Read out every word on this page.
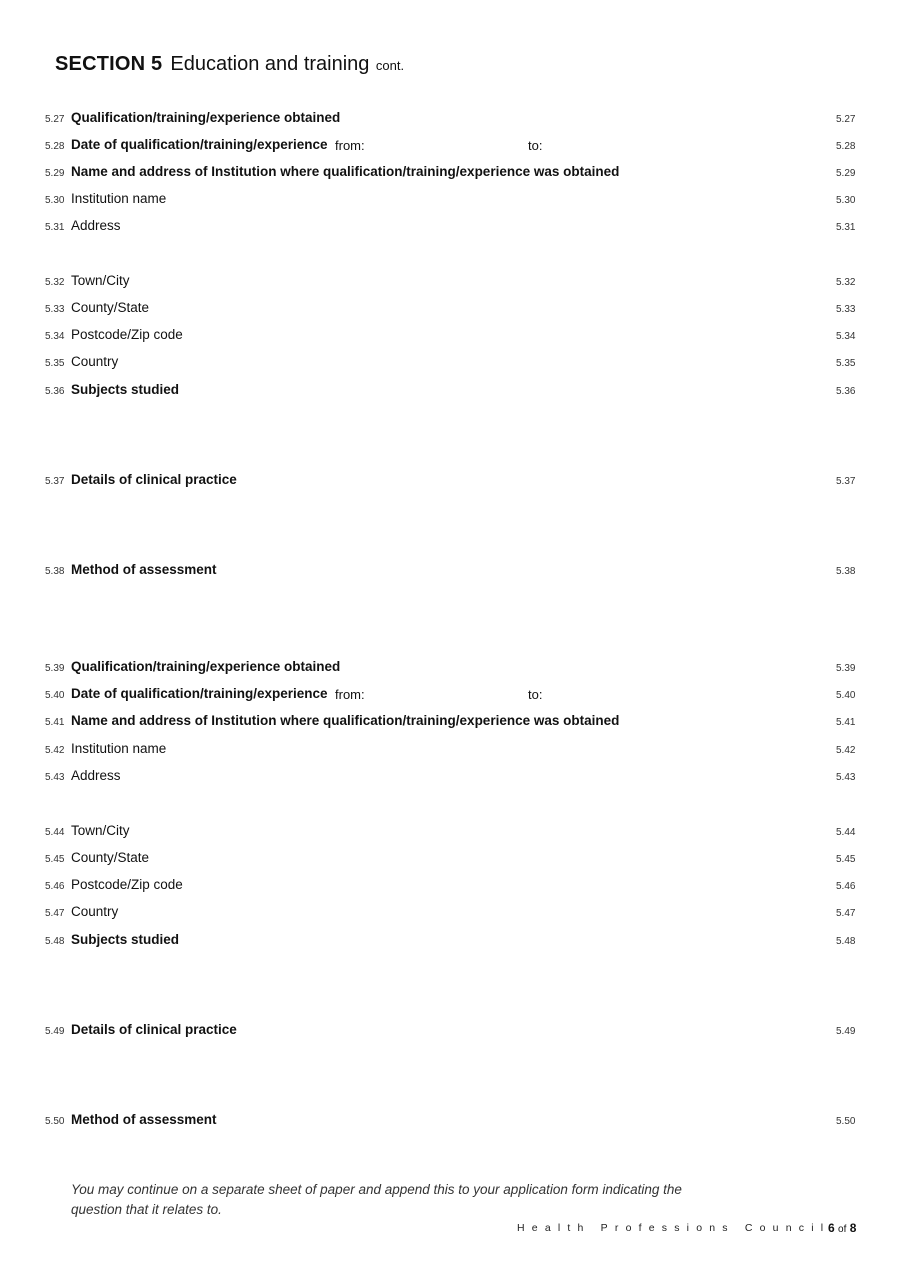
SECTION 5 Education and training cont.
5.27 Qualification/training/experience obtained	5.27
5.28 Date of qualification/training/experience from:	to:	5.28
5.29 Name and address of Institution where qualification/training/experience was obtained	5.29
5.30 Institution name	5.30
5.31 Address	5.31
5.32 Town/City	5.32
5.33 County/State	5.33
5.34 Postcode/Zip code	5.34
5.35 Country	5.35
5.36 Subjects studied	5.36
5.37 Details of clinical practice	5.37
5.38 Method of assessment	5.38
5.39 Qualification/training/experience obtained	5.39
5.40 Date of qualification/training/experience from:	to:	5.40
5.41 Name and address of Institution where qualification/training/experience was obtained	5.41
5.42 Institution name	5.42
5.43 Address	5.43
5.44 Town/City	5.44
5.45 County/State	5.45
5.46 Postcode/Zip code	5.46
5.47 Country	5.47
5.48 Subjects studied	5.48
5.49 Details of clinical practice	5.49
5.50 Method of assessment	5.50
You may continue on a separate sheet of paper and append this to your application form indicating the question that it relates to.
Health Professions Council
6 of 8
